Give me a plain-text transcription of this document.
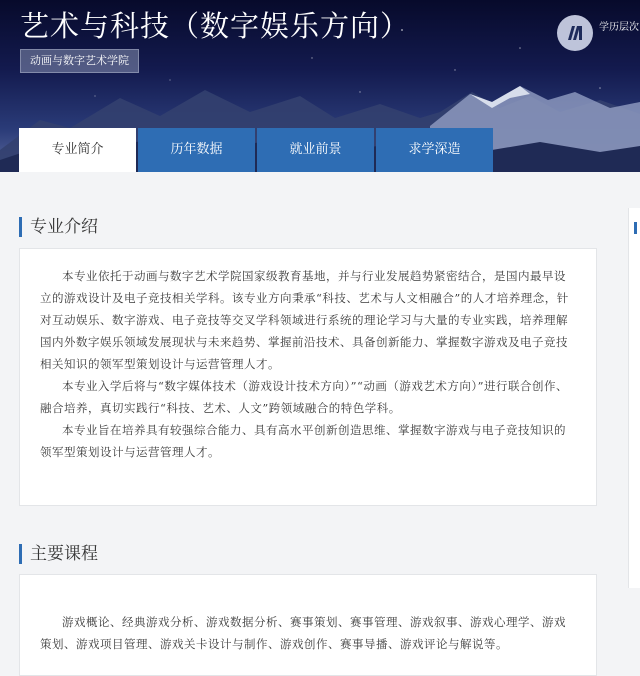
艺术与科技（数字娱乐方向）
动画与数字艺术学院
学历层次
专业简介	历年数据	就业前景	求学深造
专业介绍

本专业依托于动画与数字艺术学院国家级教育基地，并与行业发展趋势紧密结合，是国内最早设立的游戏设计及电子竞技相关学科。该专业方向秉承“科技、艺术与人文相融合”的人才培养理念，针对互动娱乐、数字游戏、电子竞技等交叉学科领域进行系统的理论学习与大量的专业实践，培养理解国内外数字娱乐领域发展现状与未来趋势、掌握前沿技术、具备创新能力、掌握数字游戏及电子竞技相关知识的领军型策划设计与运营管理人才。

本专业入学后将与“数字媒体技术（游戏设计技术方向）”“动画（游戏艺术方向）”进行联合创作、融合培养，真切实践行“科技、艺术、人文”跨领域融合的特色学科。

本专业旨在培养具有较强综合能力、具有高水平创新创造思维、掌握数字游戏与电子竞技知识的领军型策划设计与运营管理人才。

主要课程

游戏概论、经典游戏分析、游戏数据分析、赛事策划、赛事管理、游戏叙事、游戏心理学、游戏策划、游戏项目管理、游戏关卡设计与制作、游戏创作、赛事导播、游戏评论与解说等。
